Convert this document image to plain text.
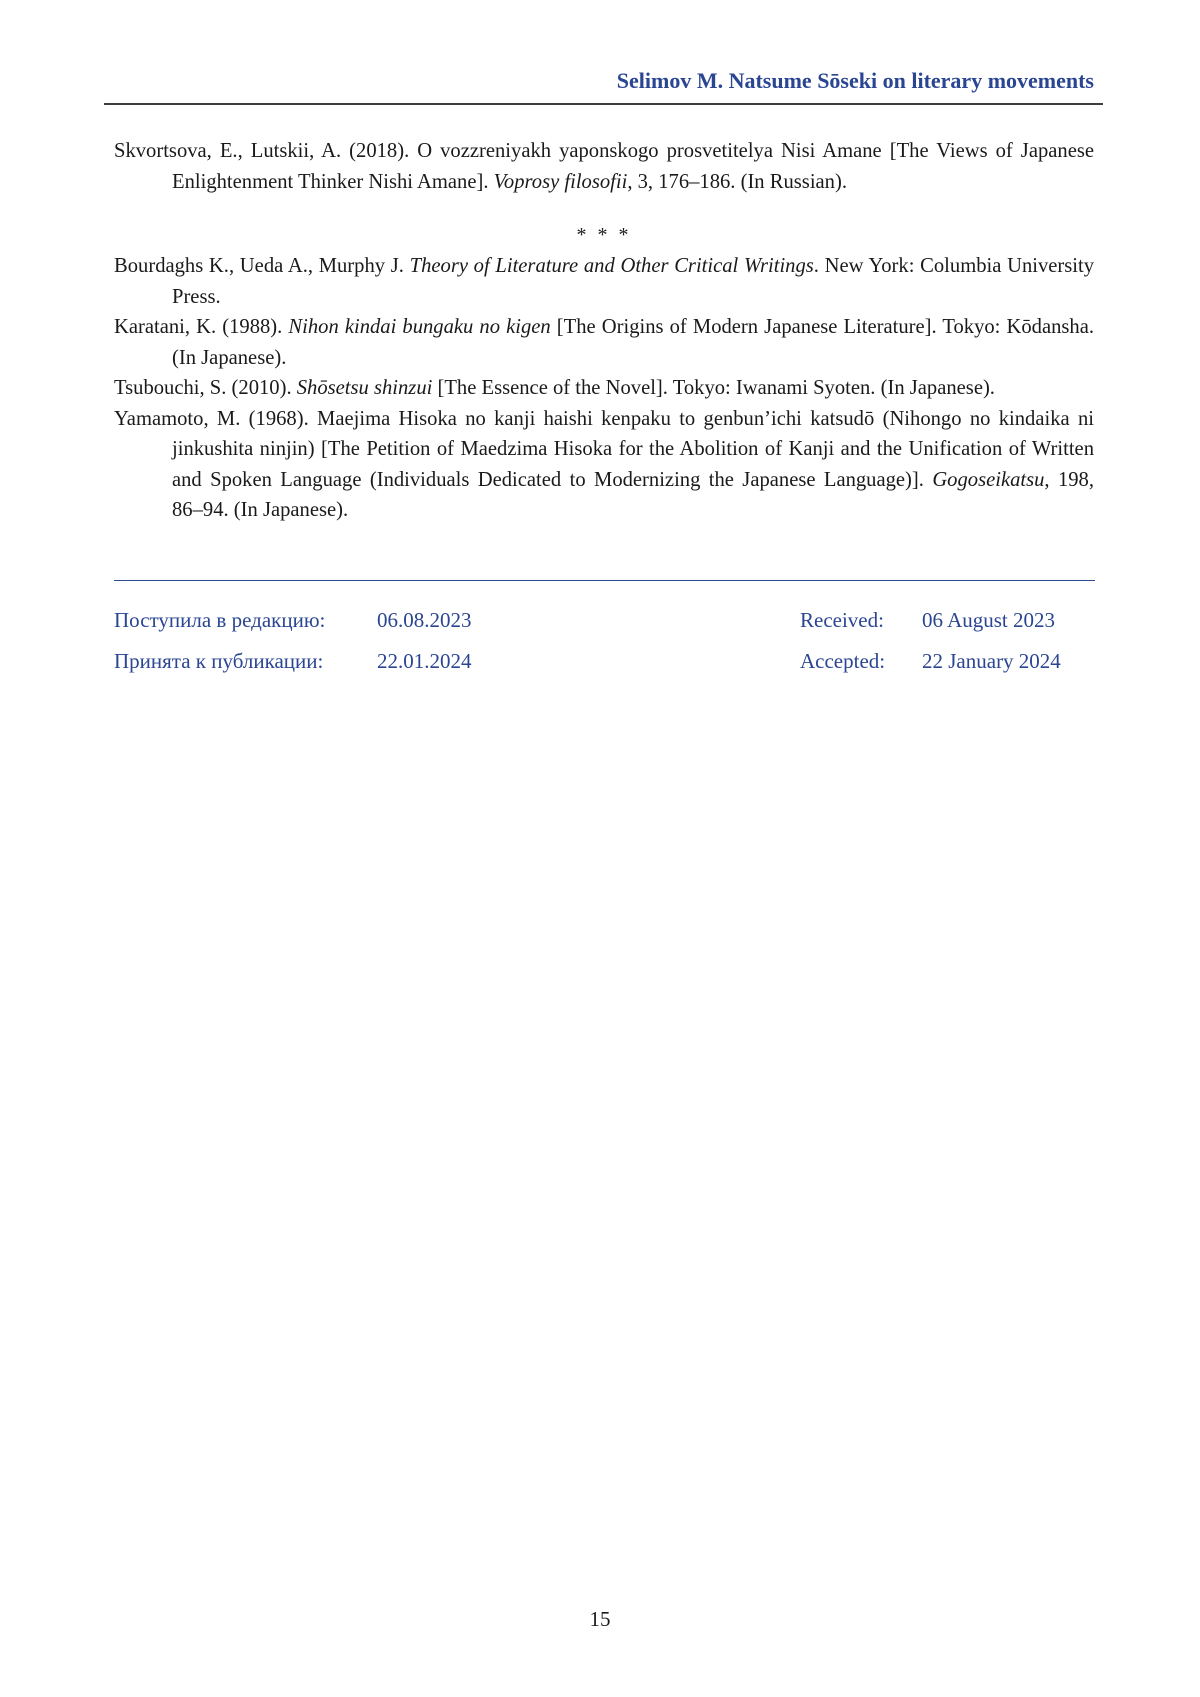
Selimov M. Natsume Sōseki on literary movements

Skvortsova, E., Lutskii, A. (2018). O vozzreniyakh yaponskogo prosvetitelya Nisi Amane [The Views of Japanese Enlightenment Thinker Nishi Amane]. Voprosy filosofii, 3, 176–186. (In Russian).

* * *

Bourdaghs K., Ueda A., Murphy J. Theory of Literature and Other Critical Writings. New York: Columbia University Press.

Karatani, K. (1988). Nihon kindai bungaku no kigen [The Origins of Modern Japanese Literature]. Tokyo: Kōdansha. (In Japanese).

Tsubouchi, S. (2010). Shōsetsu shinzui [The Essence of the Novel]. Tokyo: Iwanami Syoten. (In Japanese).

Yamamoto, M. (1968). Maejima Hisoka no kanji haishi kenpaku to genbun’ichi katsudō (Nihongo no kindaika ni jinkushita ninjin) [The Petition of Maedzima Hisoka for the Abolition of Kanji and the Unification of Written and Spoken Language (Individuals Dedicated to Modernizing the Japanese Language)]. Gogoseikatsu, 198, 86–94. (In Japanese).

Поступила в редакцию: 06.08.2023	Received: 06 August 2023
Принята к публикации:	22.01.2024	Accepted: 22 January 2024
15
